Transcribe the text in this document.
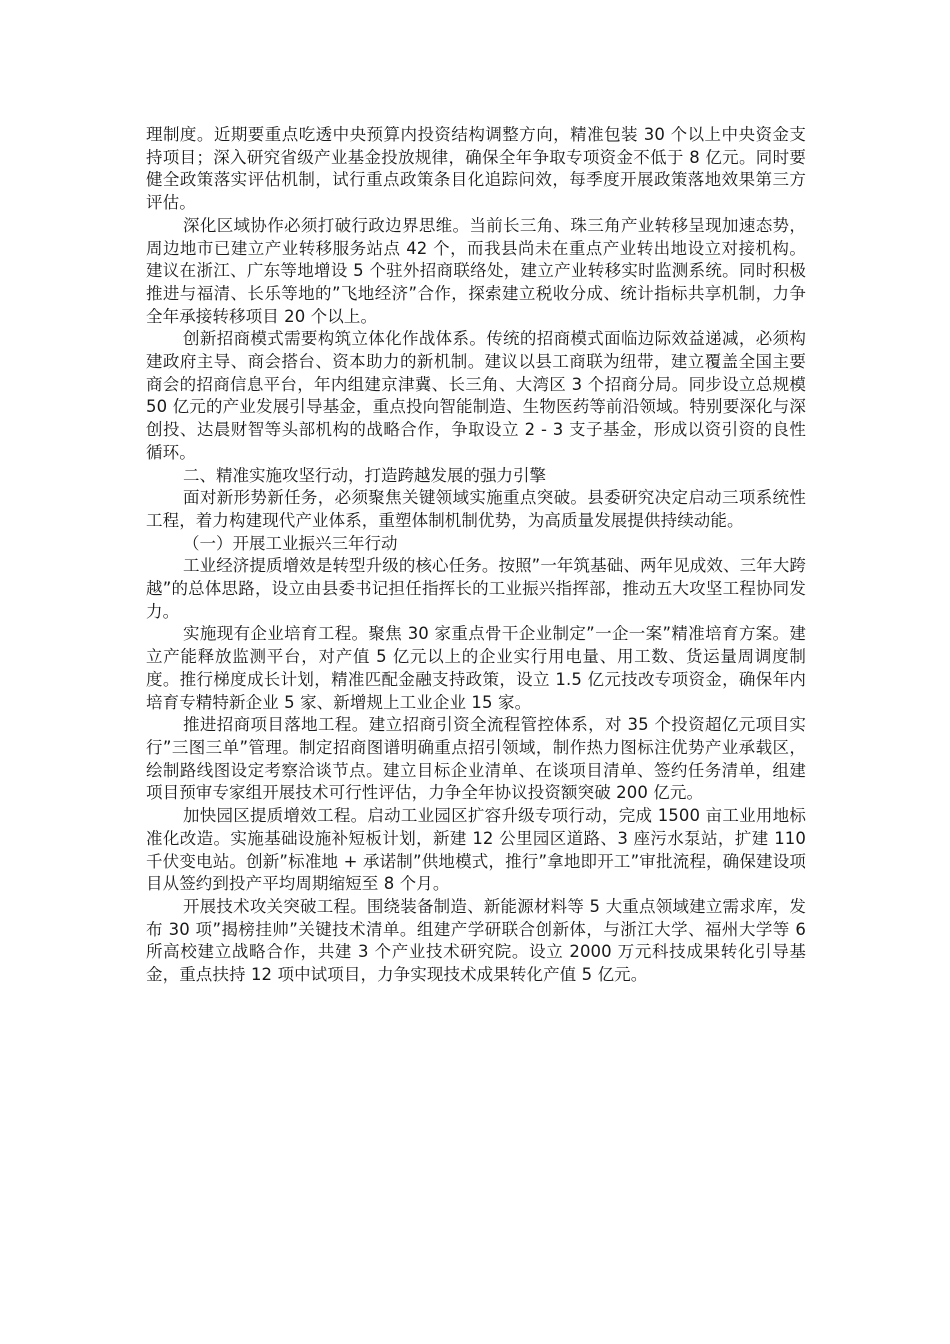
理制度。近期要重点吃透中央预算内投资结构调整方向，精准包装 30 个以上中央资金支持项目；深入研究省级产业基金投放规律，确保全年争取专项资金不低于 8 亿元。同时要健全政策落实评估机制，试行重点政策条目化追踪问效，每季度开展政策落地效果第三方评估。

深化区域协作必须打破行政边界思维。当前长三角、珠三角产业转移呈现加速态势，周边地市已建立产业转移服务站点 42 个，而我县尚未在重点产业转出地设立对接机构。建议在浙江、广东等地增设 5 个驻外招商联络处，建立产业转移实时监测系统。同时积极推进与福清、长乐等地的”飞地经济”合作，探索建立税收分成、统计指标共享机制，力争全年承接转移项目 20 个以上。

创新招商模式需要构筑立体化作战体系。传统的招商模式面临边际效益递减，必须构建政府主导、商会搭台、资本助力的新机制。建议以县工商联为纽带，建立覆盖全国主要商会的招商信息平台，年内组建京津冀、长三角、大湾区 3 个招商分局。同步设立总规模 50 亿元的产业发展引导基金，重点投向智能制造、生物医药等前沿领域。特别要深化与深创投、达晨财智等头部机构的战略合作，争取设立 2 - 3 支子基金，形成以资引资的良性循环。

二、精准实施攻坚行动，打造跨越发展的强力引擎

面对新形势新任务，必须聚焦关键领域实施重点突破。县委研究决定启动三项系统性工程，着力构建现代产业体系，重塑体制机制优势，为高质量发展提供持续动能。

（一）开展工业振兴三年行动

工业经济提质增效是转型升级的核心任务。按照”一年筑基础、两年见成效、三年大跨越”的总体思路，设立由县委书记担任指挥长的工业振兴指挥部，推动五大攻坚工程协同发力。

实施现有企业培育工程。聚焦 30 家重点骨干企业制定”一企一案”精准培育方案。建立产能释放监测平台，对产值 5 亿元以上的企业实行用电量、用工数、货运量周调度制度。推行梯度成长计划，精准匹配金融支持政策，设立 1.5 亿元技改专项资金，确保年内培育专精特新企业 5 家、新增规上工业企业 15 家。

推进招商项目落地工程。建立招商引资全流程管控体系，对 35 个投资超亿元项目实行”三图三单”管理。制定招商图谱明确重点招引领域，制作热力图标注优势产业承载区，绘制路线图设定考察洽谈节点。建立目标企业清单、在谈项目清单、签约任务清单，组建项目预审专家组开展技术可行性评估，力争全年协议投资额突破 200 亿元。

加快园区提质增效工程。启动工业园区扩容升级专项行动，完成 1500 亩工业用地标准化改造。实施基础设施补短板计划，新建 12 公里园区道路、3 座污水泵站，扩建 110 千伏变电站。创新”标准地 + 承诺制”供地模式，推行”拿地即开工”审批流程，确保建设项目从签约到投产平均周期缩短至 8 个月。

开展技术攻关突破工程。围绕装备制造、新能源材料等 5 大重点领域建立需求库，发布 30 项”揭榜挂帅”关键技术清单。组建产学研联合创新体，与浙江大学、福州大学等 6 所高校建立战略合作，共建 3 个产业技术研究院。设立 2000 万元科技成果转化引导基金，重点扶持 12 项中试项目，力争实现技术成果转化产值 5 亿元。
